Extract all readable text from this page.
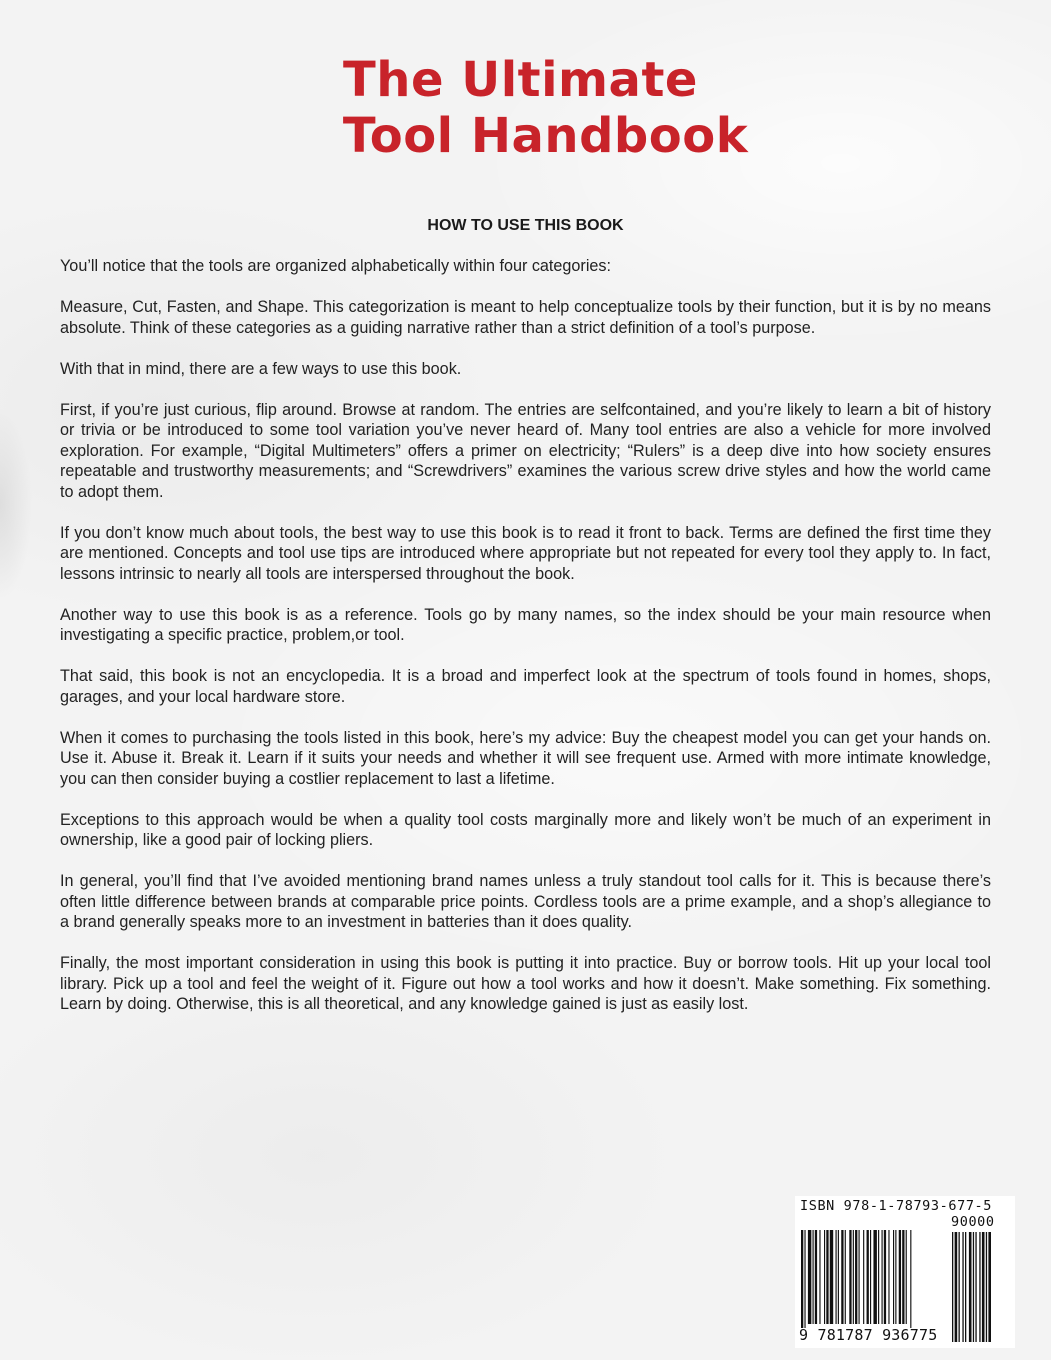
The Ultimate
Tool Handbook
HOW TO USE THIS BOOK

You’ll notice that the tools are organized alphabetically within four categories:

Measure, Cut, Fasten, and Shape. This categorization is meant to help conceptualize tools by their function, but it is by no means absolute. Think of these categories as a guiding narrative rather than a strict definition of a tool’s purpose.

With that in mind, there are a few ways to use this book.

First, if you’re just curious, flip around. Browse at random. The entries are selfcontained, and you’re likely to learn a bit of history or trivia or be introduced to some tool variation you’ve never heard of. Many tool entries are also a vehicle for more involved exploration. For example, “Digital Multimeters” offers a primer on electricity; “Rulers” is a deep dive into how society ensures repeatable and trustworthy measurements; and “Screwdrivers” examines the various screw drive styles and how the world came to adopt them.

If you don’t know much about tools, the best way to use this book is to read it front to back. Terms are defined the first time they are mentioned. Concepts and tool use tips are introduced where appropriate but not repeated for every tool they apply to. In fact, lessons intrinsic to nearly all tools are interspersed throughout the book.

Another way to use this book is as a reference. Tools go by many names, so the index should be your main resource when investigating a specific practice, problem,or tool.

That said, this book is not an encyclopedia. It is a broad and imperfect look at the spectrum of tools found in homes, shops, garages, and your local hardware store.

When it comes to purchasing the tools listed in this book, here’s my advice: Buy the cheapest model you can get your hands on. Use it. Abuse it. Break it. Learn if it suits your needs and whether it will see frequent use. Armed with more intimate knowledge, you can then consider buying a costlier replacement to last a lifetime.

Exceptions to this approach would be when a quality tool costs marginally more and likely won’t be much of an experiment in ownership, like a good pair of locking pliers.

In general, you’ll find that I’ve avoided mentioning brand names unless a truly standout tool calls for it. This is because there’s often little difference between brands at comparable price points. Cordless tools are a prime example, and a shop’s allegiance to a brand generally speaks more to an investment in batteries than it does quality.

Finally, the most important consideration in using this book is putting it into practice. Buy or borrow tools. Hit up your local tool library. Pick up a tool and feel the weight of it. Figure out how a tool works and how it doesn’t. Make something. Fix something. Learn by doing. Otherwise, this is all theoretical, and any knowledge gained is just as easily lost.

ISBN 978-1-78793-677-5
90000
9 781787 936775
